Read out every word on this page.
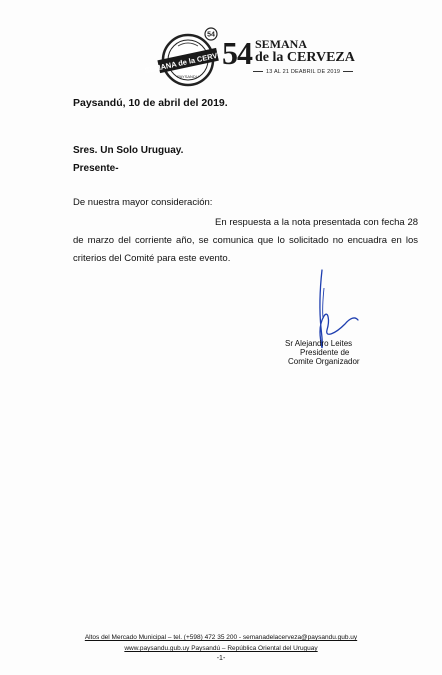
54
SEMANA de la CERVEZA
PAYSANDU
54 SEMANA
de la CERVEZA
13 AL 21 DEABRIL DE 2019
Paysandú, 10 de abril del 2019.
Sres. Un Solo Uruguay.
Presente-
De nuestra mayor consideración:
En respuesta a la nota presentada con fecha 28 de marzo del corriente año, se comunica que lo solicitado no encuadra en los criterios del Comité para este evento.
Sr Alejandro Leites
Presidente de
Comite Organizador
Altos del Mercado Municipal – tel. (+598) 472 35 200 - semanadelacerveza@paysandu.gub.uy
www.paysandu.gub.uy Paysandú – República Oriental del Uruguay
-1-
